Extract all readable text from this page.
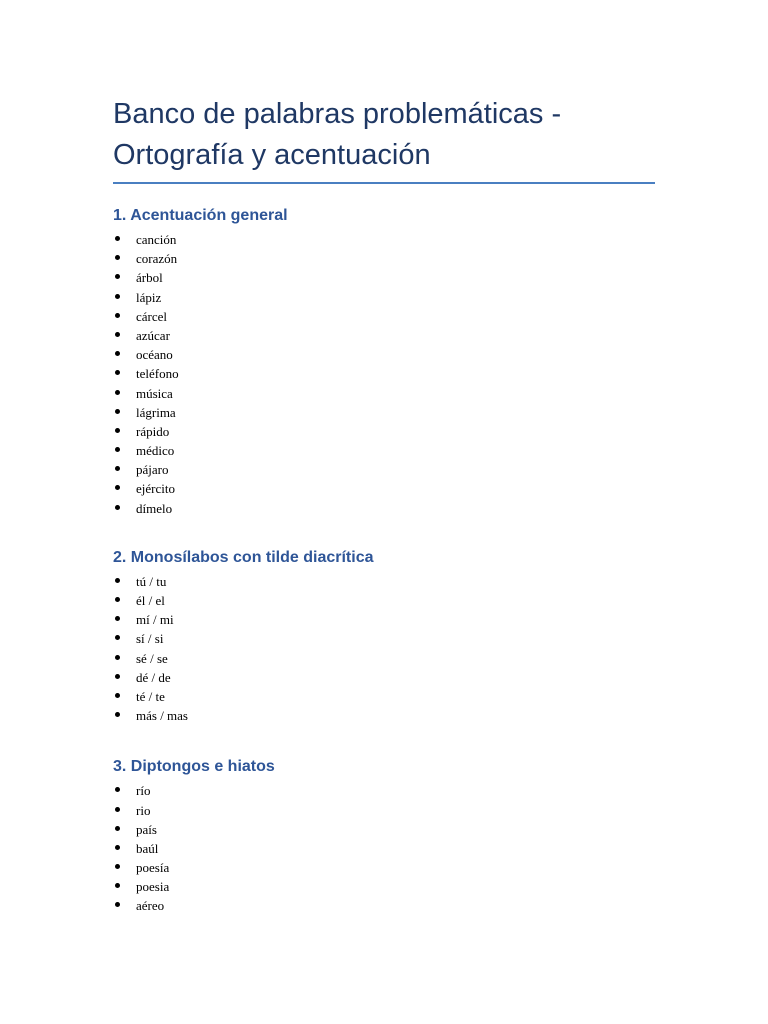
Banco de palabras problemáticas -
Ortografía y acentuación
1. Acentuación general
canción
corazón
árbol
lápiz
cárcel
azúcar
océano
teléfono
música
lágrima
rápido
médico
pájaro
ejército
dímelo
2. Monosílabos con tilde diacrítica
tú / tu
él / el
mí / mi
sí / si
sé / se
dé / de
té / te
más / mas
3. Diptongos e hiatos
río
rio
país
baúl
poesía
poesia
aéreo
